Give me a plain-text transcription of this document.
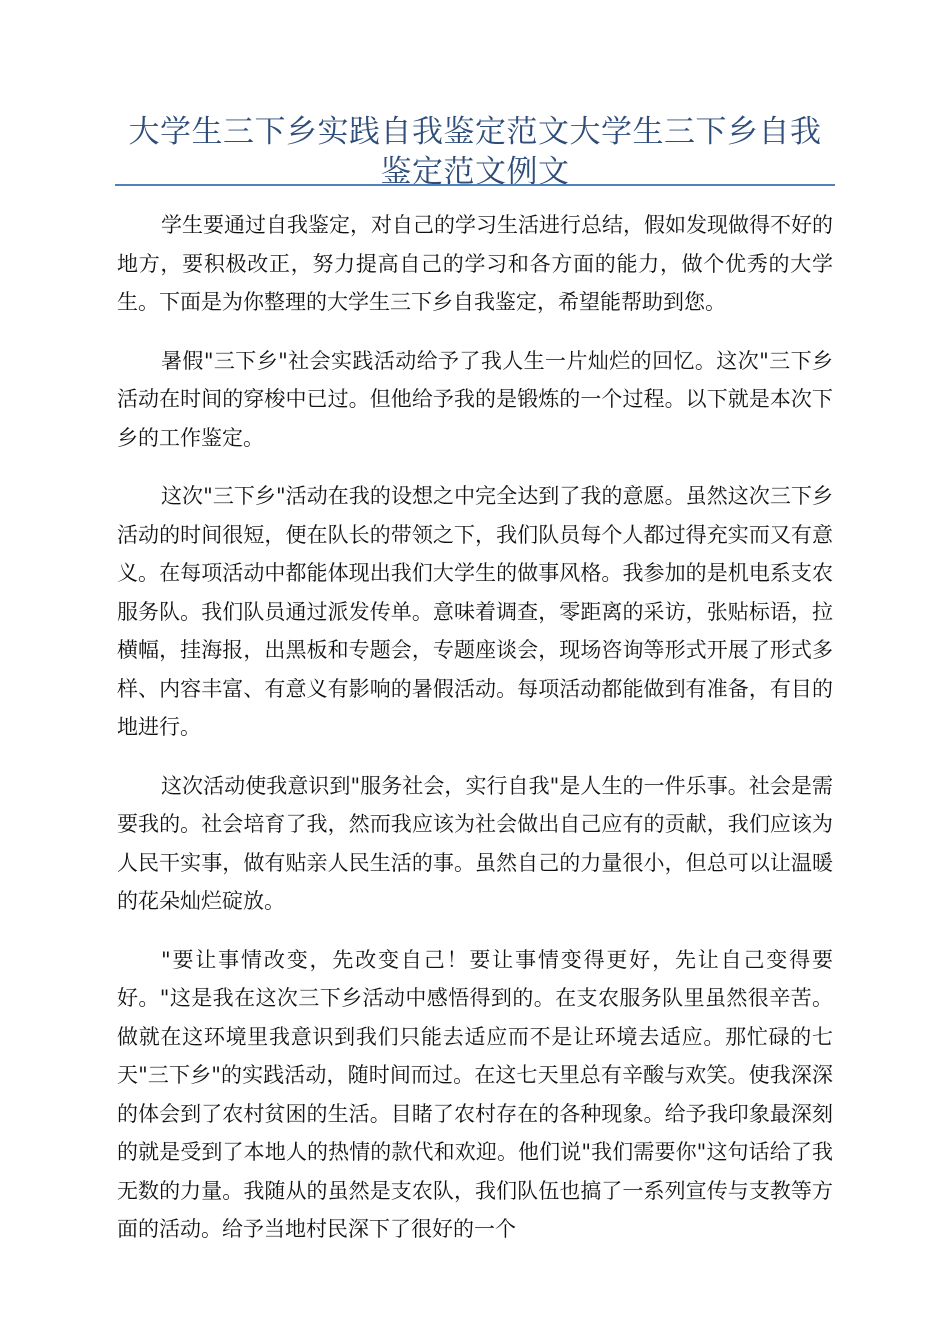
大学生三下乡实践自我鉴定范文大学生三下乡自我鉴定范文例文

学生要通过自我鉴定，对自己的学习生活进行总结，假如发现做得不好的地方，要积极改正，努力提高自己的学习和各方面的能力，做个优秀的大学生。下面是为你整理的大学生三下乡自我鉴定，希望能帮助到您。

暑假"三下乡"社会实践活动给予了我人生一片灿烂的回忆。这次"三下乡活动在时间的穿梭中已过。但他给予我的是锻炼的一个过程。以下就是本次下乡的工作鉴定。

这次"三下乡"活动在我的设想之中完全达到了我的意愿。虽然这次三下乡活动的时间很短，便在队长的带领之下，我们队员每个人都过得充实而又有意义。在每项活动中都能体现出我们大学生的做事风格。我参加的是机电系支农服务队。我们队员通过派发传单。意味着调查，零距离的采访，张贴标语，拉横幅，挂海报，出黑板和专题会，专题座谈会，现场咨询等形式开展了形式多样、内容丰富、有意义有影响的暑假活动。每项活动都能做到有准备，有目的地进行。

这次活动使我意识到"服务社会，实行自我"是人生的一件乐事。社会是需要我的。社会培育了我，然而我应该为社会做出自己应有的贡献，我们应该为人民干实事，做有贴亲人民生活的事。虽然自己的力量很小，但总可以让温暖的花朵灿烂碇放。

"要让事情改变，先改变自己！要让事情变得更好，先让自己变得要好。"这是我在这次三下乡活动中感悟得到的。在支农服务队里虽然很辛苦。做就在这环境里我意识到我们只能去适应而不是让环境去适应。那忙碌的七天"三下乡"的实践活动，随时间而过。在这七天里总有辛酸与欢笑。使我深深的体会到了农村贫困的生活。目睹了农村存在的各种现象。给予我印象最深刻的就是受到了本地人的热情的款代和欢迎。他们说"我们需要你"这句话给了我无数的力量。我随从的虽然是支农队，我们队伍也搞了一系列宣传与支教等方面的活动。给予当地村民深下了很好的一个
